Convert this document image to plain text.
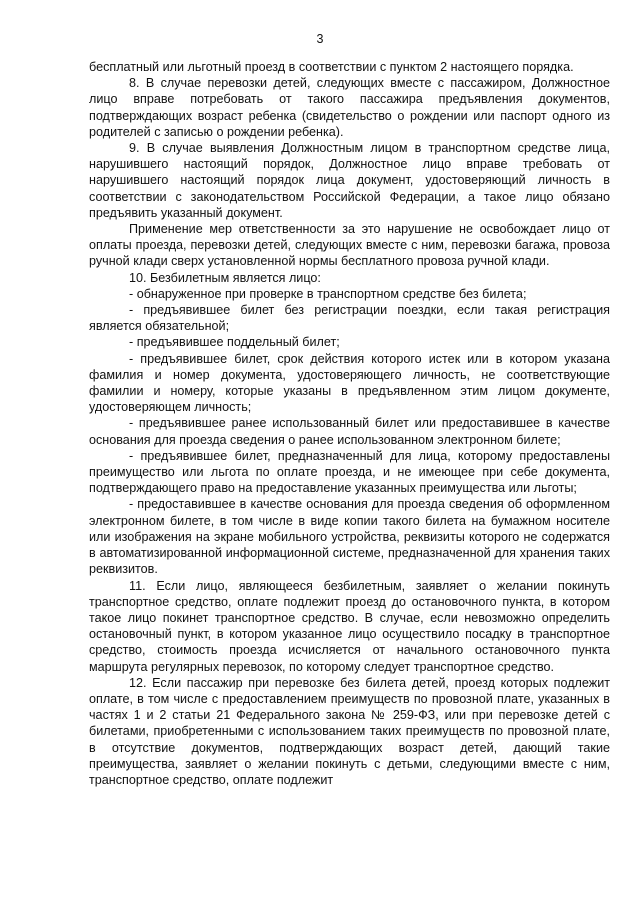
3

бесплатный или льготный проезд в соответствии с пунктом 2 настоящего порядка.

8. В случае перевозки детей, следующих вместе с пассажиром, Должностное лицо вправе потребовать от такого пассажира предъявления документов, подтверждающих возраст ребенка (свидетельство о рождении или паспорт одного из родителей с записью о рождении ребенка).

9. В случае выявления Должностным лицом в транспортном средстве лица, нарушившего настоящий порядок, Должностное лицо вправе требовать от нарушившего настоящий порядок лица документ, удостоверяющий личность в соответствии с законодательством Российской Федерации, а такое лицо обязано предъявить указанный документ.

Применение мер ответственности за это нарушение не освобождает лицо от оплаты проезда, перевозки детей, следующих вместе с ним, перевозки багажа, провоза ручной клади сверх установленной нормы бесплатного провоза ручной клади.

10. Безбилетным является лицо:

- обнаруженное при проверке в транспортном средстве без билета;

- предъявившее билет без регистрации поездки, если такая регистрация является обязательной;

- предъявившее поддельный билет;

- предъявившее билет, срок действия которого истек или в котором указана фамилия и номер документа, удостоверяющего личность, не соответствующие фамилии и номеру, которые указаны в предъявленном этим лицом документе, удостоверяющем личность;

- предъявившее ранее использованный билет или предоставившее в качестве основания для проезда сведения о ранее использованном электронном билете;

- предъявившее билет, предназначенный для лица, которому предоставлены преимущество или льгота по оплате проезда, и не имеющее при себе документа, подтверждающего право на предоставление указанных преимущества или льготы;

- предоставившее в качестве основания для проезда сведения об оформленном электронном билете, в том числе в виде копии такого билета на бумажном носителе или изображения на экране мобильного устройства, реквизиты которого не содержатся в автоматизированной информационной системе, предназначенной для хранения таких реквизитов.

11. Если лицо, являющееся безбилетным, заявляет о желании покинуть транспортное средство, оплате подлежит проезд до остановочного пункта, в котором такое лицо покинет транспортное средство. В случае, если невозможно определить остановочный пункт, в котором указанное лицо осуществило посадку в транспортное средство, стоимость проезда исчисляется от начального остановочного пункта маршрута регулярных перевозок, по которому следует транспортное средство.

12. Если пассажир при перевозке без билета детей, проезд которых подлежит оплате, в том числе с предоставлением преимуществ по провозной плате, указанных в частях 1 и 2 статьи 21 Федерального закона № 259-ФЗ, или при перевозке детей с билетами, приобретенными с использованием таких преимуществ по провозной плате, в отсутствие документов, подтверждающих возраст детей, дающий такие преимущества, заявляет о желании покинуть с детьми, следующими вместе с ним, транспортное средство, оплате подлежит
